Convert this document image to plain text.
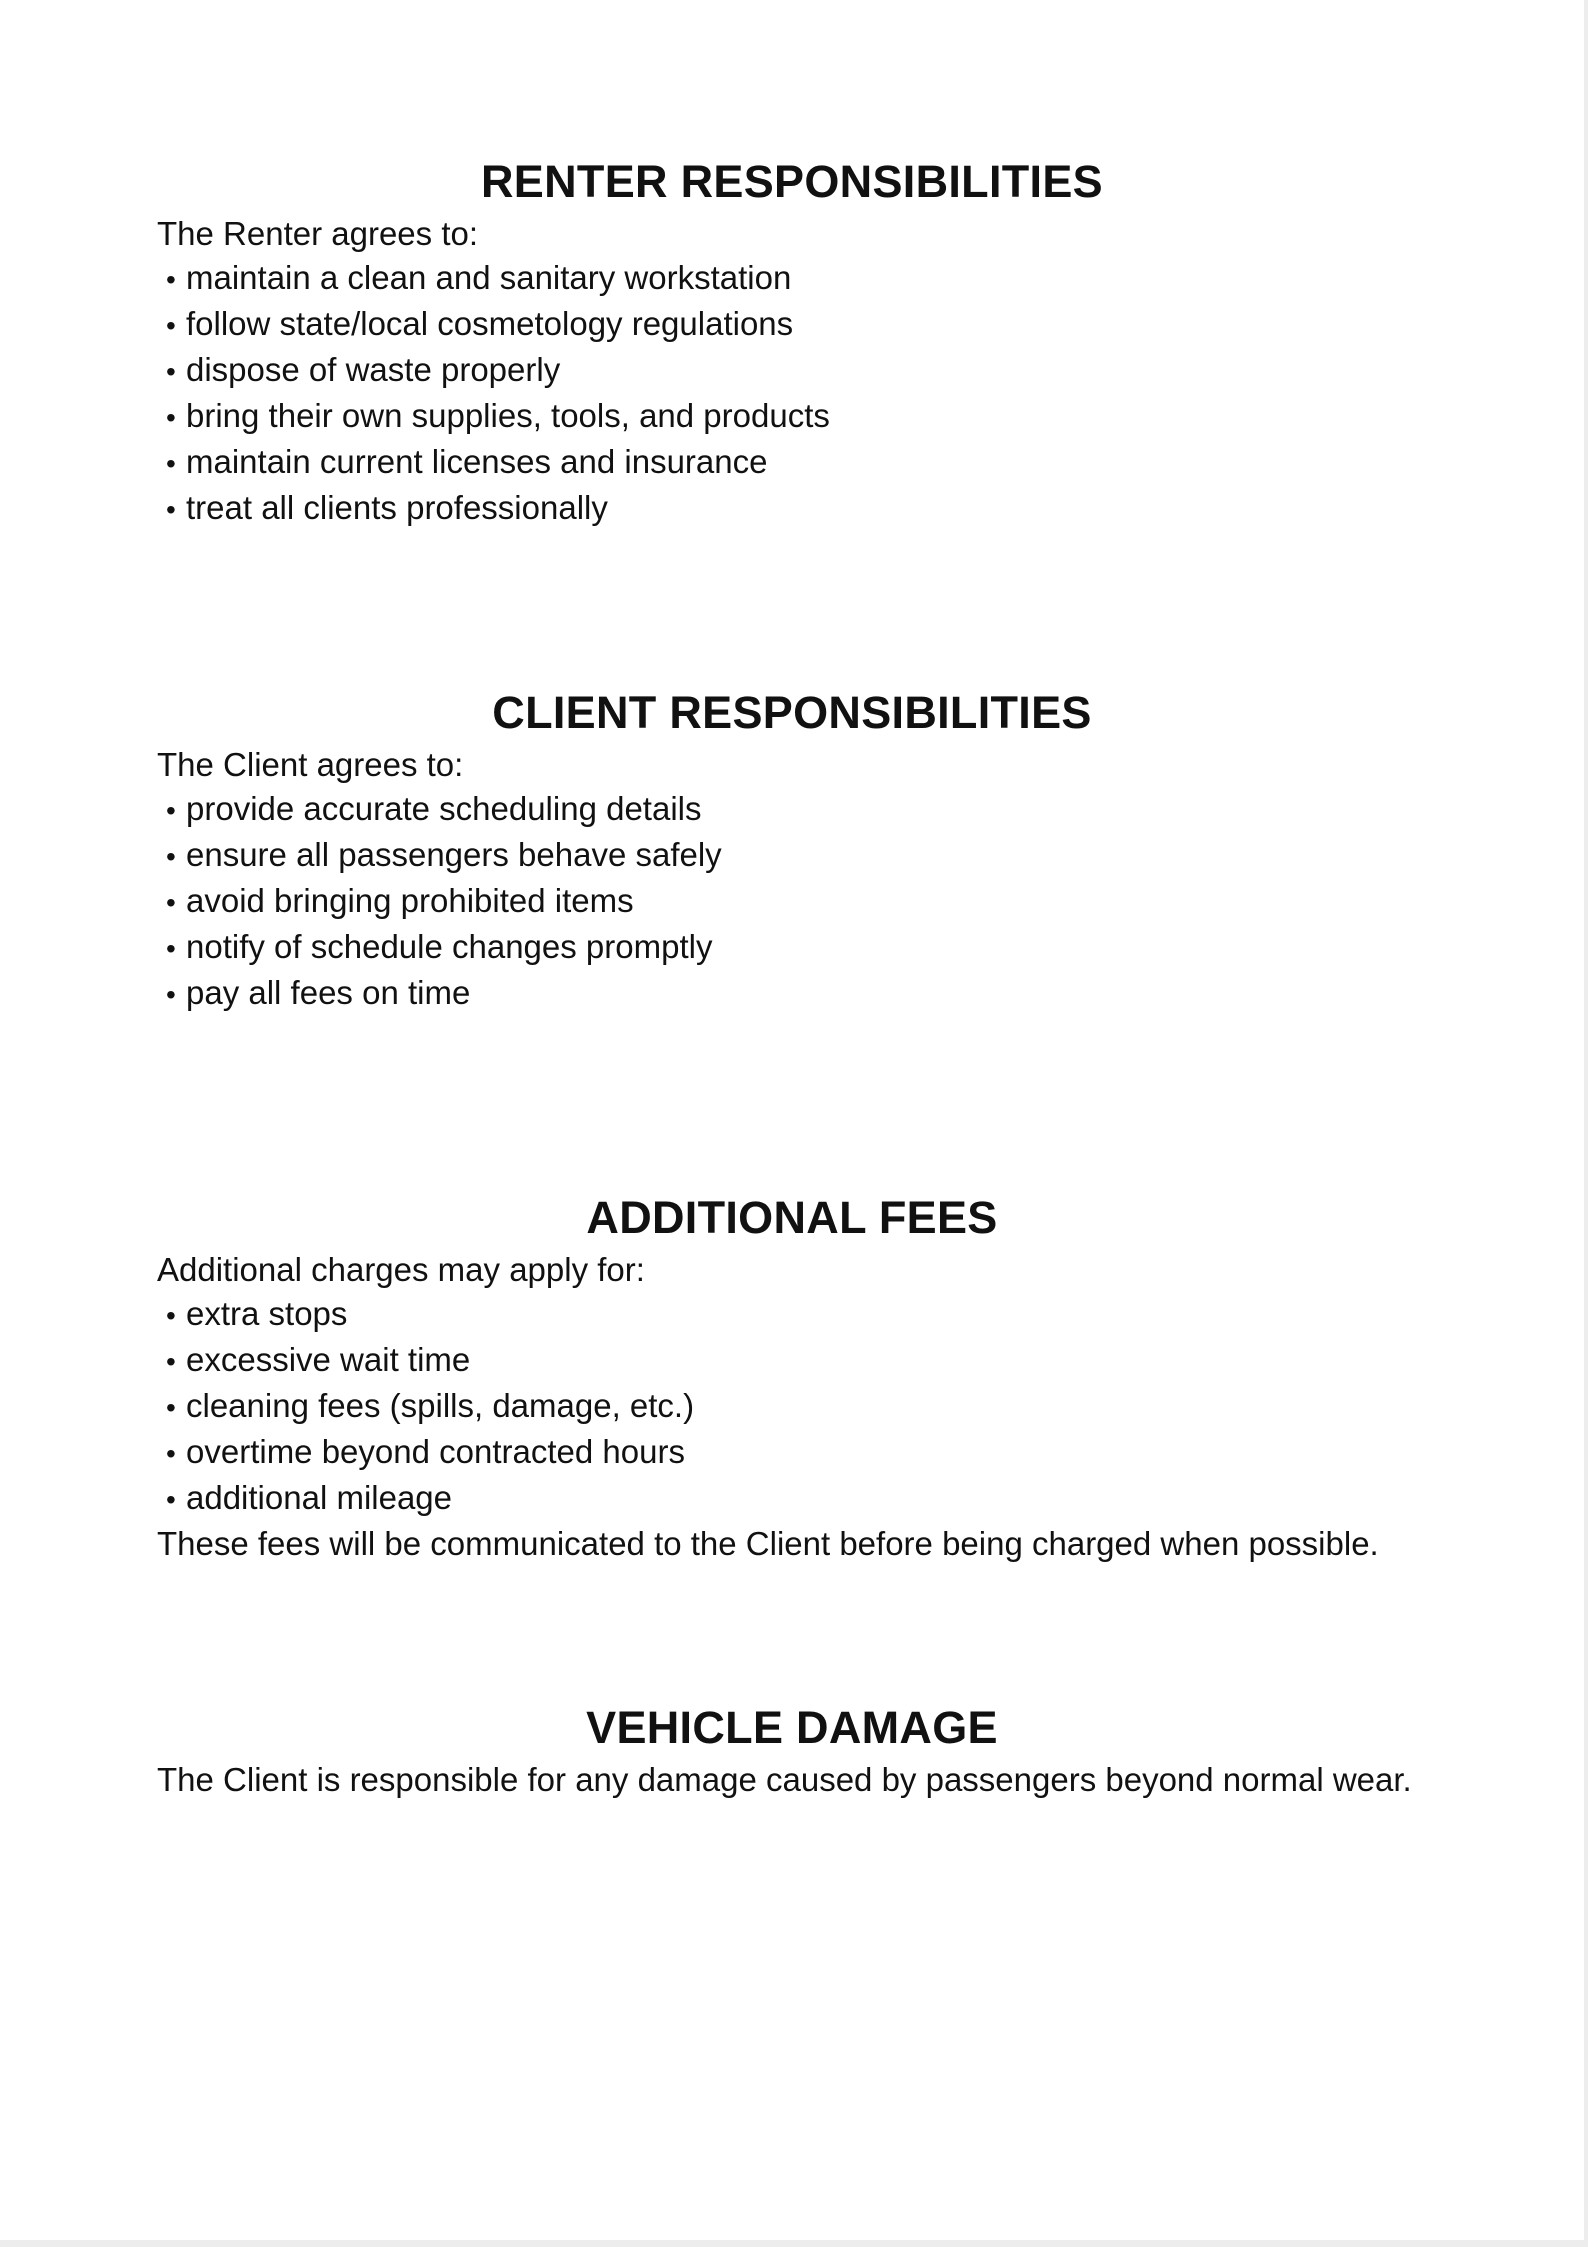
RENTER RESPONSIBILITIES
The Renter agrees to:
• maintain a clean and sanitary workstation
• follow state/local cosmetology regulations
• dispose of waste properly
• bring their own supplies, tools, and products
• maintain current licenses and insurance
• treat all clients professionally
CLIENT RESPONSIBILITIES
The Client agrees to:
• provide accurate scheduling details
• ensure all passengers behave safely
• avoid bringing prohibited items
• notify of schedule changes promptly
• pay all fees on time
ADDITIONAL FEES
Additional charges may apply for:
• extra stops
• excessive wait time
• cleaning fees (spills, damage, etc.)
• overtime beyond contracted hours
• additional mileage
These fees will be communicated to the Client before being charged when possible.
VEHICLE DAMAGE
The Client is responsible for any damage caused by passengers beyond normal wear.
